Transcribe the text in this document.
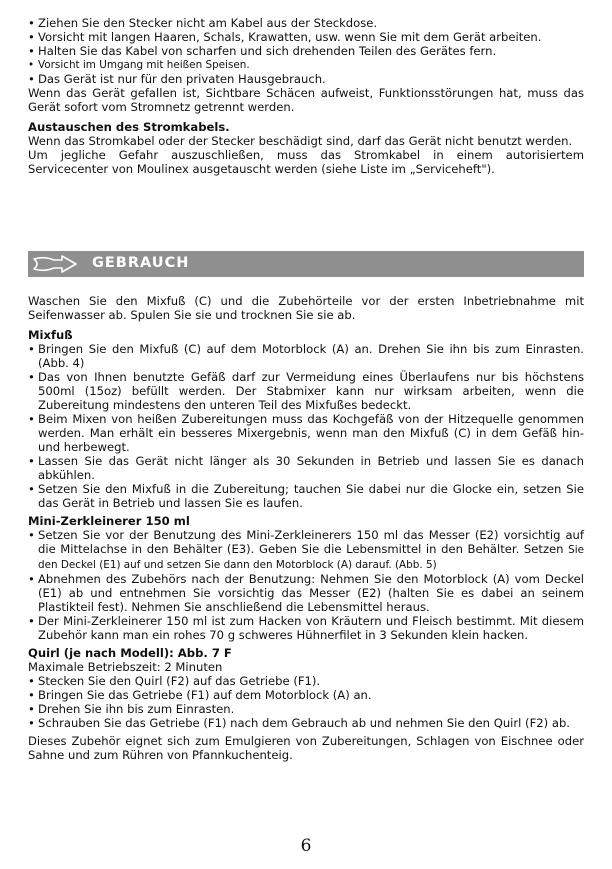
• Ziehen Sie den Stecker nicht am Kabel aus der Steckdose.

• Vorsicht mit langen Haaren, Schals, Krawatten, usw. wenn Sie mit dem Gerät arbeiten.

• Halten Sie das Kabel von scharfen und sich drehenden Teilen des Gerätes fern.

• Vorsicht im Umgang mit heißen Speisen.

• Das Gerät ist nur für den privaten Hausgebrauch.

Wenn das Gerät gefallen ist, Sichtbare Schäcen aufweist, Funktionsstörungen hat, muss das Gerät sofort vom Stromnetz getrennt werden.

Austauschen des Stromkabels.

Wenn das Stromkabel oder der Stecker beschädigt sind, darf das Gerät nicht benutzt werden.

Um jegliche Gefahr auszuschließen, muss das Stromkabel in einem autorisiertem Servicecenter von Moulinex ausgetauscht werden (siehe Liste im „Serviceheft").

GEBRAUCH

Waschen Sie den Mixfuß (C) und die Zubehörteile vor der ersten Inbetriebnahme mit Seifenwasser ab. Spulen Sie sie und trocknen Sie sie ab.

Mixfuß

• Bringen Sie den Mixfuß (C) auf dem Motorblock (A) an. Drehen Sie ihn bis zum Einrasten. (Abb. 4)

• Das von Ihnen benutzte Gefäß darf zur Vermeidung eines Überlaufens nur bis höchstens 500ml (15oz) befüllt werden. Der Stabmixer kann nur wirksam arbeiten, wenn die Zubereitung mindestens den unteren Teil des Mixfußes bedeckt.

• Beim Mixen von heißen Zubereitungen muss das Kochgefäß von der Hitzequelle genommen werden. Man erhält ein besseres Mixergebnis, wenn man den Mixfuß (C) in dem Gefäß hin- und herbewegt.

• Lassen Sie das Gerät nicht länger als 30 Sekunden in Betrieb und lassen Sie es danach abkühlen.

• Setzen Sie den Mixfuß in die Zubereitung; tauchen Sie dabei nur die Glocke ein, setzen Sie das Gerät in Betrieb und lassen Sie es laufen.

Mini-Zerkleinerer 150 ml

• Setzen Sie vor der Benutzung des Mini-Zerkleinerers 150 ml das Messer (E2) vorsichtig auf die Mittelachse in den Behälter (E3). Geben Sie die Lebensmittel in den Behälter. Setzen Sie den Deckel (E1) auf und setzen Sie dann den Motorblock (A) darauf. (Abb. 5)

• Abnehmen des Zubehörs nach der Benutzung: Nehmen Sie den Motorblock (A) vom Deckel (E1) ab und entnehmen Sie vorsichtig das Messer (E2) (halten Sie es dabei an seinem Plastikteil fest). Nehmen Sie anschließend die Lebensmittel heraus.

• Der Mini-Zerkleinerer 150 ml ist zum Hacken von Kräutern und Fleisch bestimmt. Mit diesem Zubehör kann man ein rohes 70 g schweres Hühnerfilet in 3 Sekunden klein hacken.

Quirl (je nach Modell): Abb. 7 F

Maximale Betriebszeit: 2 Minuten

• Stecken Sie den Quirl (F2) auf das Getriebe (F1).

• Bringen Sie das Getriebe (F1) auf dem Motorblock (A) an.

• Drehen Sie ihn bis zum Einrasten.

• Schrauben Sie das Getriebe (F1) nach dem Gebrauch ab und nehmen Sie den Quirl (F2) ab.

Dieses Zubehör eignet sich zum Emulgieren von Zubereitungen, Schlagen von Eischnee oder Sahne und zum Rühren von Pfannkuchenteig.

6
